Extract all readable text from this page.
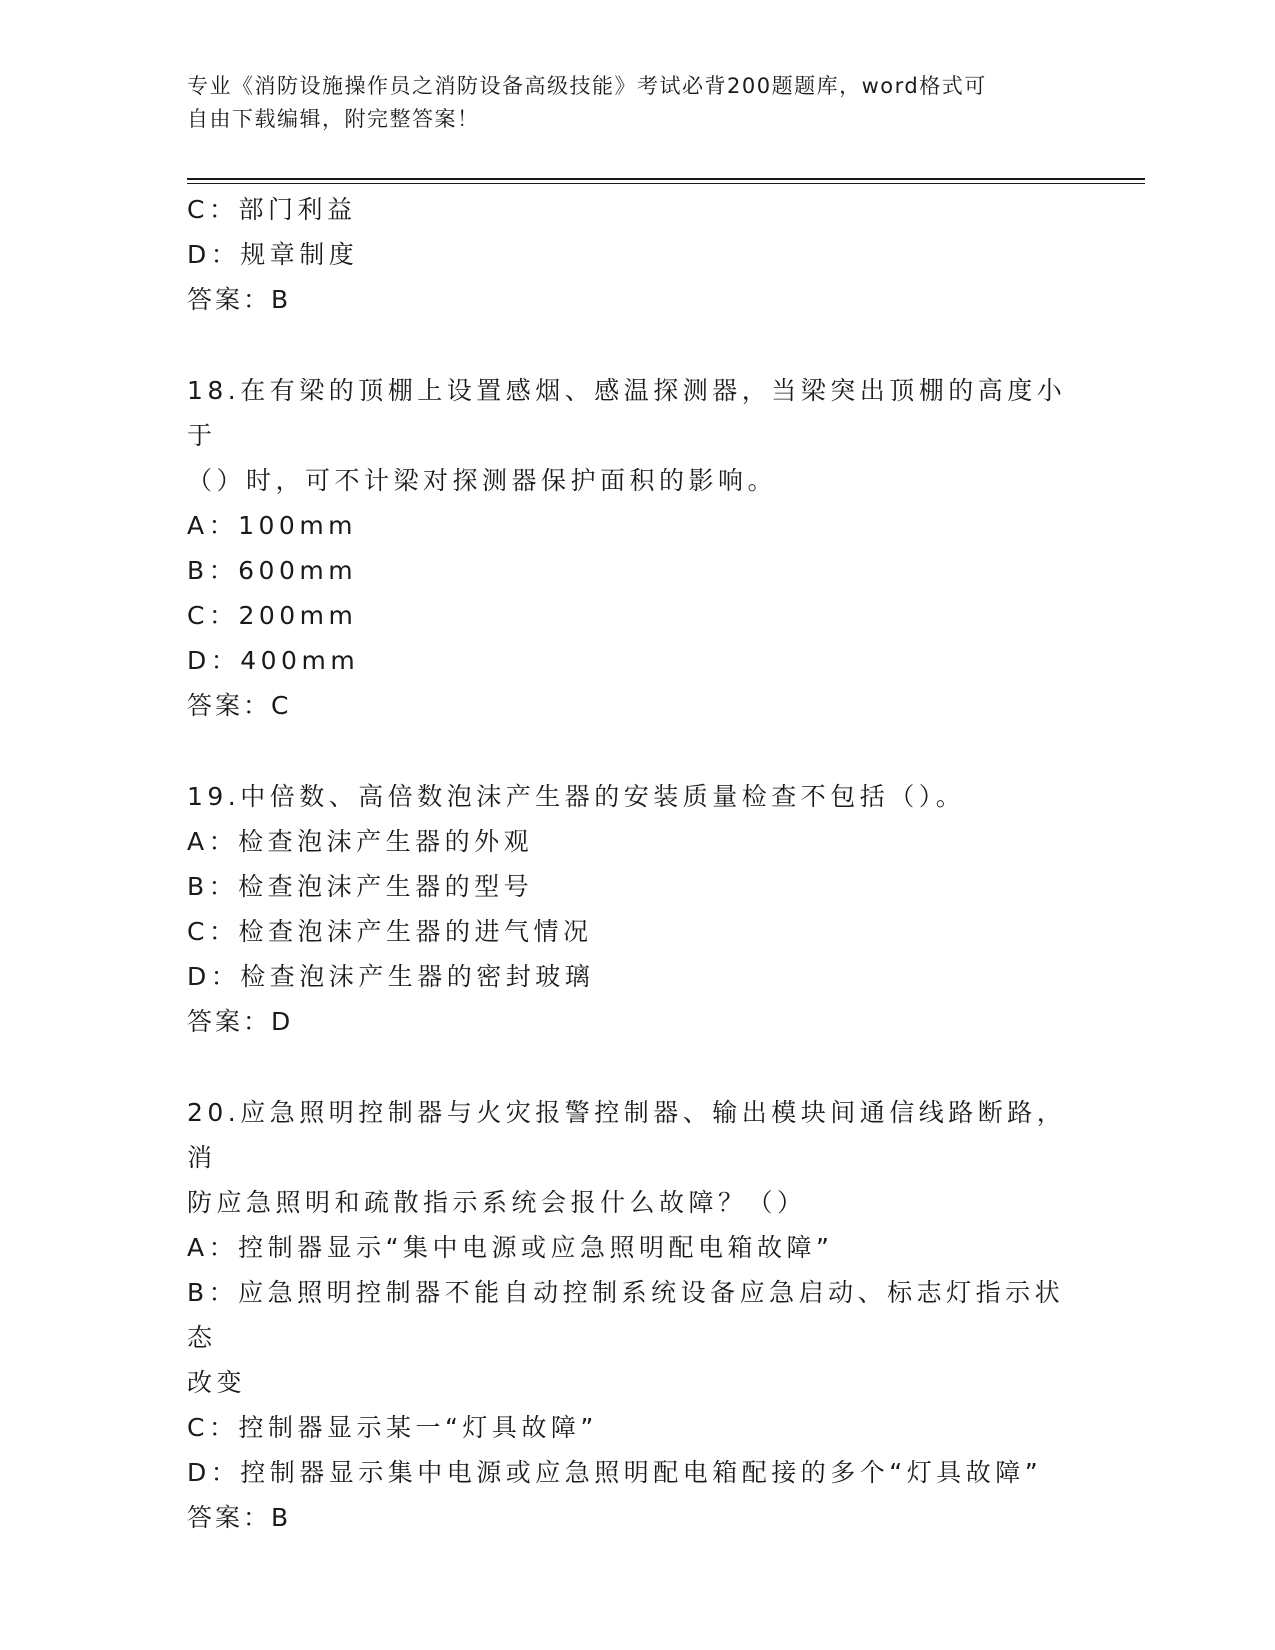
专业《消防设施操作员之消防设备高级技能》考试必背200题题库，word格式可
自由下载编辑，附完整答案！

C：部门利益

D：规章制度

答案：B

18.在有梁的顶棚上设置感烟、感温探测器，当梁突出顶棚的高度小于

（）时，可不计梁对探测器保护面积的影响。

A：100mm

B：600mm

C：200mm

D：400mm

答案：C

19.中倍数、高倍数泡沫产生器的安装质量检查不包括（）。

A：检查泡沫产生器的外观

B：检查泡沫产生器的型号

C：检查泡沫产生器的进气情况

D：检查泡沫产生器的密封玻璃

答案：D

20.应急照明控制器与火灾报警控制器、输出模块间通信线路断路，消

防应急照明和疏散指示系统会报什么故障？（）

A：控制器显示“集中电源或应急照明配电箱故障”

B：应急照明控制器不能自动控制系统设备应急启动、标志灯指示状态

改变

C：控制器显示某一“灯具故障”

D：控制器显示集中电源或应急照明配电箱配接的多个“灯具故障”

答案：B
